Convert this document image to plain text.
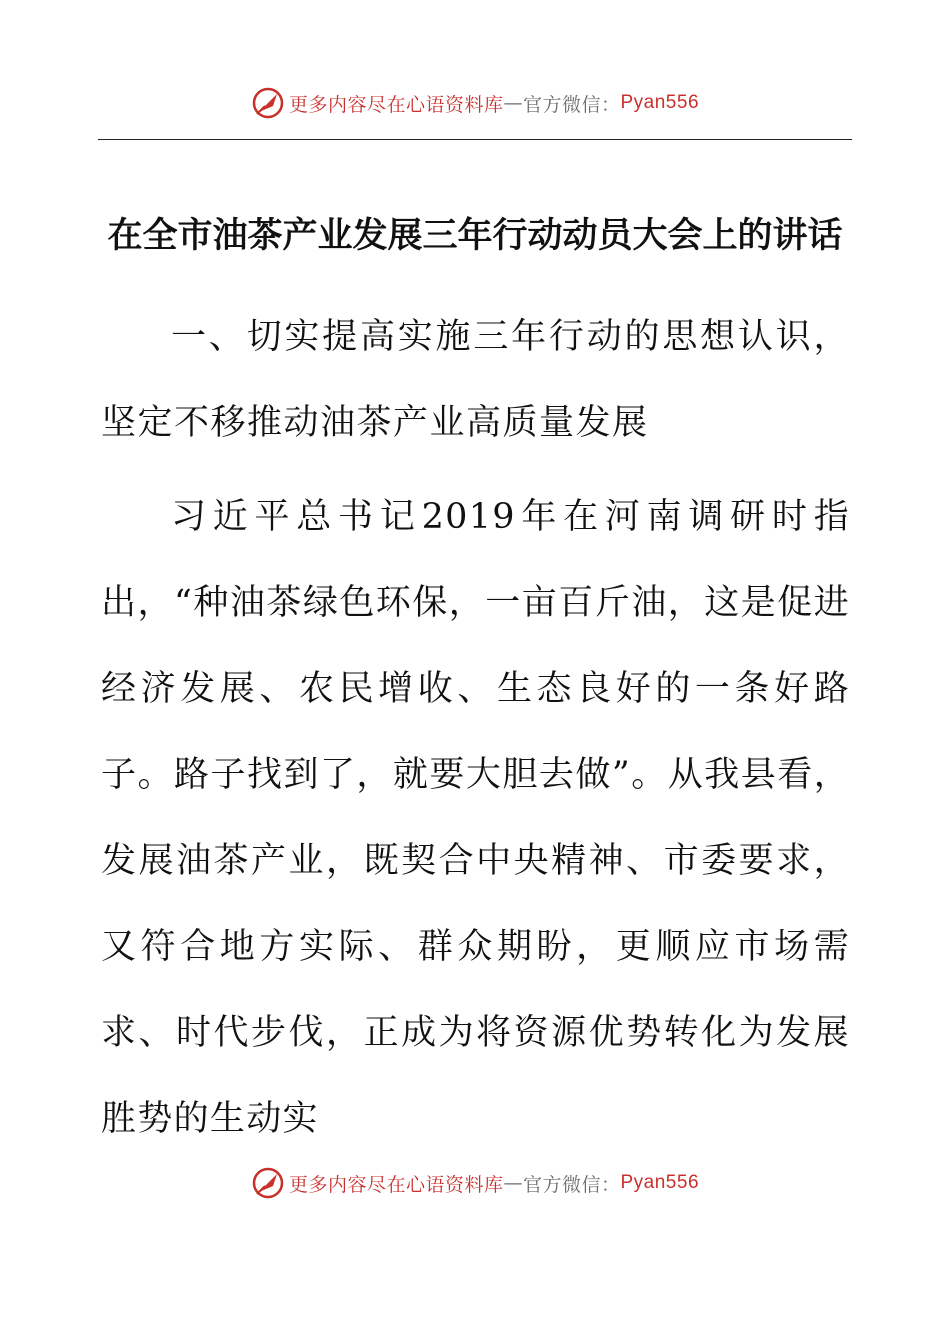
更多内容尽在心语资料库 — 官方微信： Pyan556
在全市油茶产业发展三年行动动员大会上的讲话

一、切实提高实施三年行动的思想认识，坚定不移推动油茶产业高质量发展

习近平总书记2019年在河南调研时指出，“种油茶绿色环保，一亩百斤油，这是促进经济发展、农民增收、生态良好的一条好路子。路子找到了，就要大胆去做”。从我县看，发展油茶产业，既契合中央精神、市委要求，又符合地方实际、群众期盼，更顺应市场需求、时代步伐，正成为将资源优势转化为发展胜势的生动实

更多内容尽在心语资料库 — 官方微信： Pyan556
